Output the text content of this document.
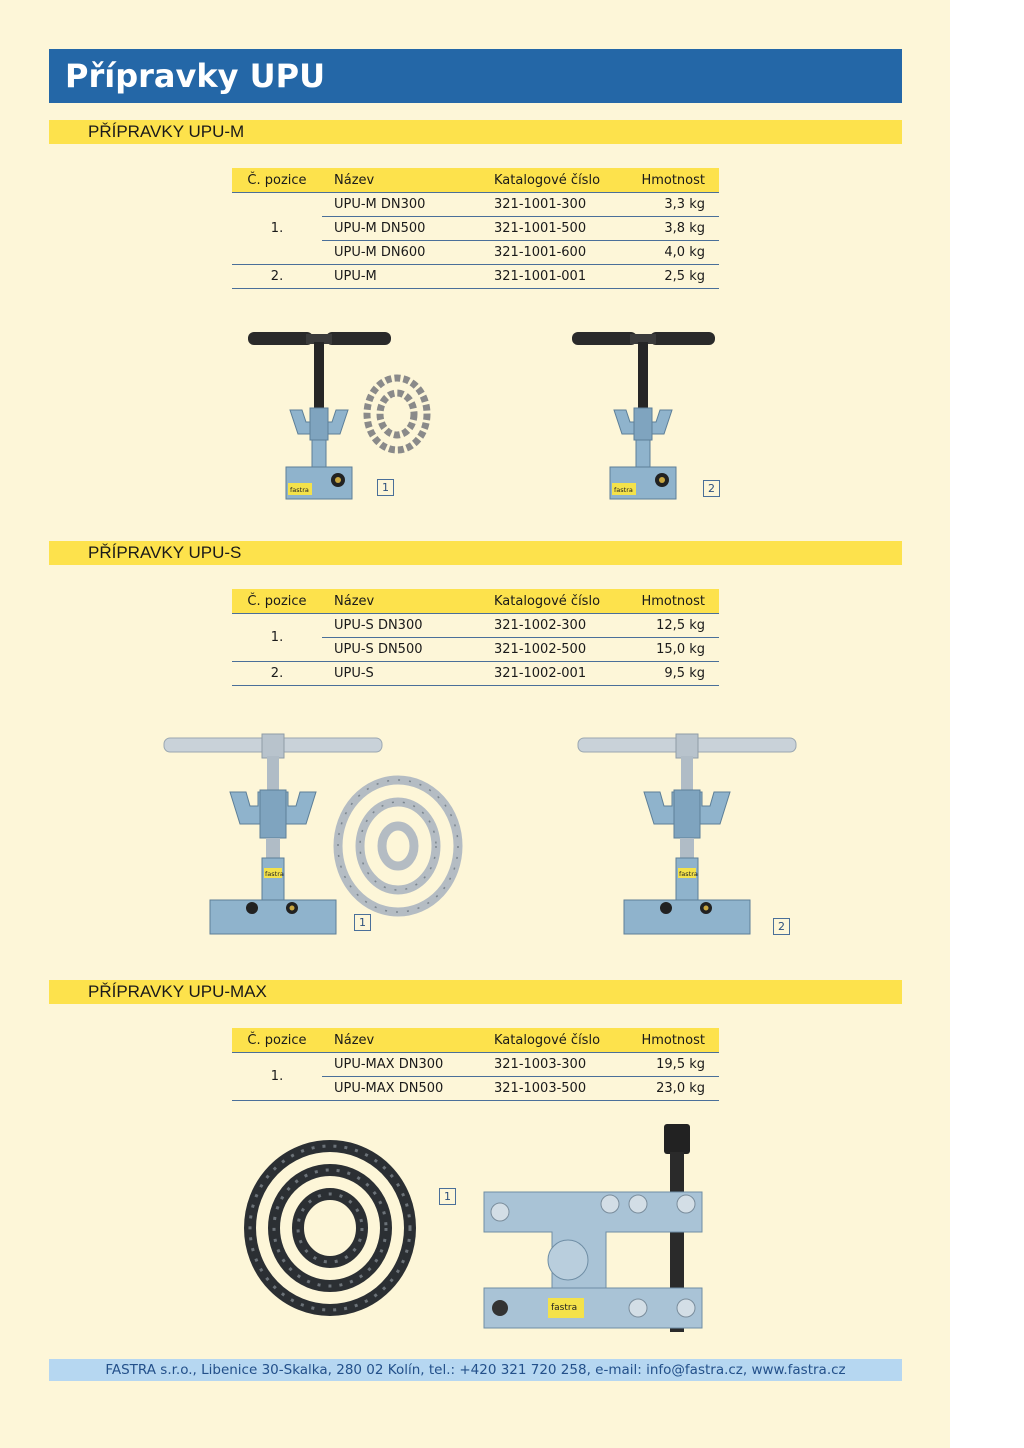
Přípravky UPU
PŘÍPRAVKY UPU-M
Č. pozice	Název	Katalogové číslo	Hmotnost
1.	UPU-M DN300	321-1001-300	3,3 kg
	UPU-M DN500	321-1001-500	3,8 kg
	UPU-M DN600	321-1001-600	4,0 kg
2.	UPU-M	321-1001-001	2,5 kg
fastra	1	fastra	2
PŘÍPRAVKY UPU-S
Č. pozice	Název	Katalogové číslo	Hmotnost
1.	UPU-S DN300	321-1002-300	12,5 kg
	UPU-S DN500	321-1002-500	15,0 kg
2.	UPU-S	321-1002-001	9,5 kg
fastra
1
fastra
2
PŘÍPRAVKY UPU-MAX
Č. pozice	Název	Katalogové číslo	Hmotnost
1.	UPU-MAX DN300	321-1003-300	19,5 kg
	UPU-MAX DN500	321-1003-500	23,0 kg
1
fastra
FASTRA s.r.o., Libenice 30-Skalka, 280 02 Kolín, tel.: +420 321 720 258, e-mail: info@fastra.cz, www.fastra.cz
